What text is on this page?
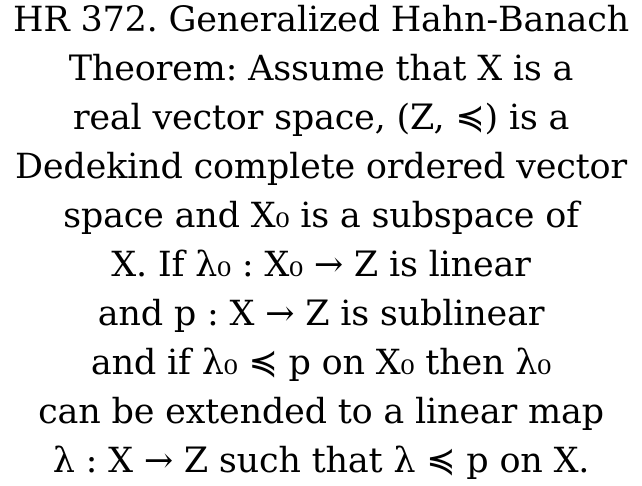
HR 372. Generalized Hahn-Banach
Theorem: Assume that X is a
real vector space, (Z, ≼) is a
Dedekind complete ordered vector
space and X₀ is a subspace of
X. If λ₀ : X₀ → Z is linear
and p : X → Z is sublinear
and if λ₀ ≼ p on X₀ then λ₀
can be extended to a linear map
λ : X → Z such that λ ≼ p on X.
